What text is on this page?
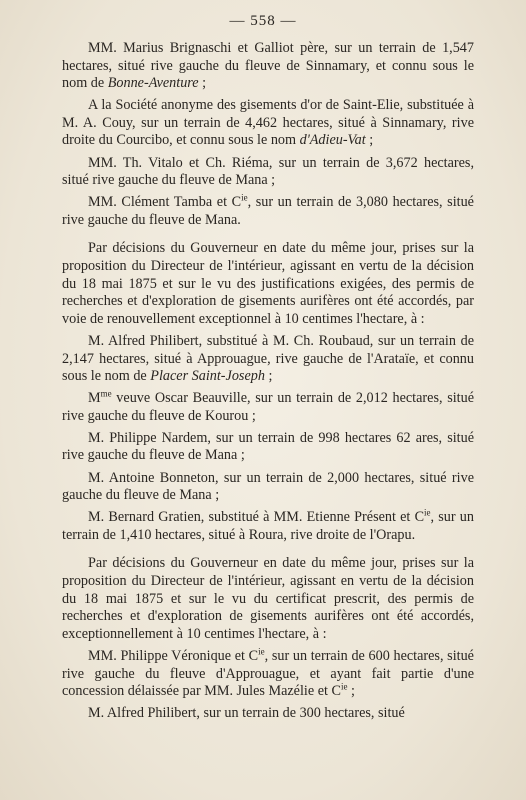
— 558 —

MM. Marius Brignaschi et Galliot père, sur un terrain de 1,547 hectares, situé rive gauche du fleuve de Sinnamary, et connu sous le nom de Bonne-Aventure ;

A la Société anonyme des gisements d'or de Saint-Elie, substituée à M. A. Couy, sur un terrain de 4,462 hectares, situé à Sinnamary, rive droite du Courcibo, et connu sous le nom d'Adieu-Vat ;

MM. Th. Vitalo et Ch. Riéma, sur un terrain de 3,672 hectares, situé rive gauche du fleuve de Mana ;

MM. Clément Tamba et $C^{ie}$, sur un terrain de 3,080 hectares, situé rive gauche du fleuve de Mana.

Par décisions du Gouverneur en date du même jour, prises sur la proposition du Directeur de l'intérieur, agissant en vertu de la décision du 18 mai 1875 et sur le vu des justifications exigées, des permis de recherches et d'exploration de gisements aurifères ont été accordés, par voie de renouvellement exceptionnel à 10 centimes l'hectare, à :

M. Alfred Philibert, substitué à M. Ch. Roubaud, sur un terrain de 2,147 hectares, situé à Approuague, rive gauche de l'Arataïe, et connu sous le nom de Placer Saint-Joseph ;

$M^{me}$ veuve Oscar Beauville, sur un terrain de 2,012 hectares, situé rive gauche du fleuve de Kourou ;

M. Philippe Nardem, sur un terrain de 998 hectares 62 ares, situé rive gauche du fleuve de Mana ;

M. Antoine Bonneton, sur un terrain de 2,000 hectares, situé rive gauche du fleuve de Mana ;

M. Bernard Gratien, substitué à MM. Etienne Présent et $C^{ie}$, sur un terrain de 1,410 hectares, situé à Roura, rive droite de l'Orapu.

Par décisions du Gouverneur en date du même jour, prises sur la proposition du Directeur de l'intérieur, agissant en vertu de la décision du 18 mai 1875 et sur le vu du certificat prescrit, des permis de recherches et d'exploration de gisements aurifères ont été accordés, exceptionnellement à 10 centimes l'hectare, à :

MM. Philippe Véronique et $C^{ie}$, sur un terrain de 600 hectares, situé rive gauche du fleuve d'Approuague, et ayant fait partie d'une concession délaissée par MM. Jules Mazélie et $C^{ie}$ ;

M. Alfred Philibert, sur un terrain de 300 hectares, situé
